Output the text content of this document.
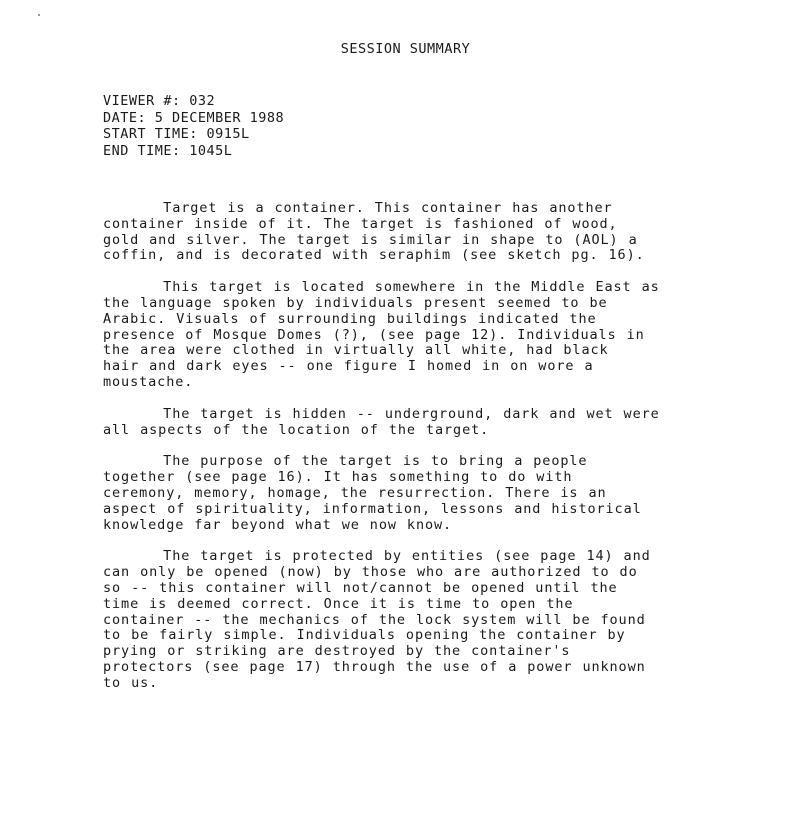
SESSION SUMMARY
VIEWER #: 032
DATE: 5 DECEMBER 1988
START TIME: 0915L
END TIME: 1045L
Target is a container. This container has another
container inside of it. The target is fashioned of wood,
gold and silver. The target is similar in shape to (AOL) a
coffin, and is decorated with seraphim (see sketch pg. 16).
This target is located somewhere in the Middle East as
the language spoken by individuals present seemed to be
Arabic. Visuals of surrounding buildings indicated the
presence of Mosque Domes (?), (see page 12). Individuals in
the area were clothed in virtually all white, had black
hair and dark eyes -- one figure I homed in on wore a
moustache.
The target is hidden -- underground, dark and wet were
all aspects of the location of the target.
The purpose of the target is to bring a people
together (see page 16). It has something to do with
ceremony, memory, homage, the resurrection. There is an
aspect of spirituality, information, lessons and historical
knowledge far beyond what we now know.
The target is protected by entities (see page 14) and
can only be opened (now) by those who are authorized to do
so -- this container will not/cannot be opened until the
time is deemed correct. Once it is time to open the
container -- the mechanics of the lock system will be found
to be fairly simple. Individuals opening the container by
prying or striking are destroyed by the container's
protectors (see page 17) through the use of a power unknown
to us.
